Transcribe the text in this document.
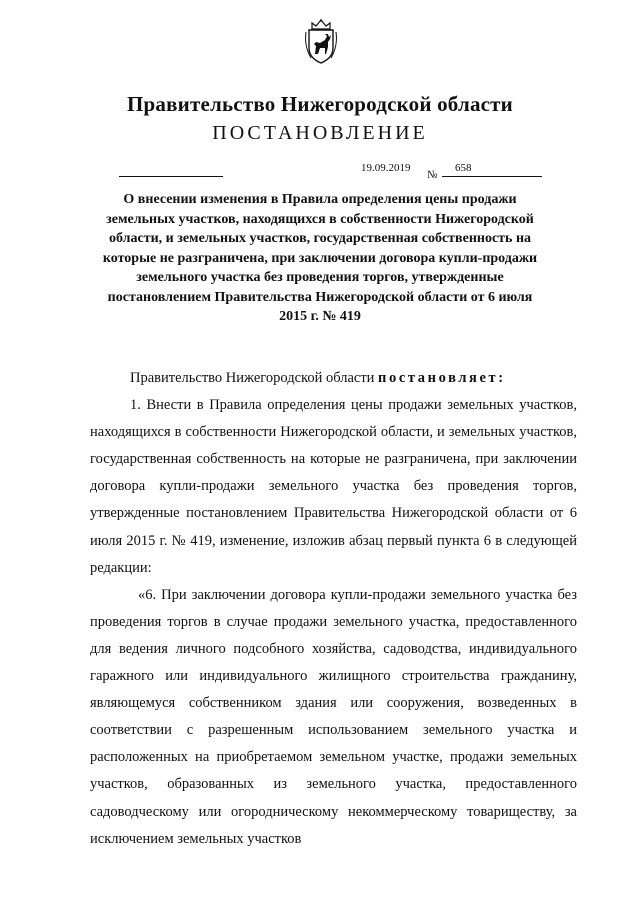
Правительство Нижегородской области
ПОСТАНОВЛЕНИЕ
19.09.2019
№
658
О внесении изменения в Правила определения цены продажи земельных участков, находящихся в собственности Нижегородской области, и земельных участков, государственная собственность на которые не разграничена, при заключении договора купли-продажи земельного участка без проведения торгов, утвержденные постановлением Правительства Нижегородской области от 6 июля 2015 г. № 419

Правительство Нижегородской области постановляет:

1. Внести в Правила определения цены продажи земельных участков, находящихся в собственности Нижегородской области, и земельных участков, государственная собственность на которые не разграничена, при заключении договора купли-продажи земельного участка без проведения торгов, утвержденные постановлением Правительства Нижегородской области от 6 июля 2015 г. № 419, изменение, изложив абзац первый пункта 6 в следующей редакции:

«6. При заключении договора купли-продажи земельного участка без проведения торгов в случае продажи земельного участка, предоставленного для ведения личного подсобного хозяйства, садоводства, индивидуального гаражного или индивидуального жилищного строительства гражданину, являющемуся собственником здания или сооружения, возведенных в соответствии с разрешенным использованием земельного участка и расположенных на приобретаемом земельном участке, продажи земельных участков, образованных из земельного участка, предоставленного садоводческому или огородническому некоммерческому товариществу, за исключением земельных участков
